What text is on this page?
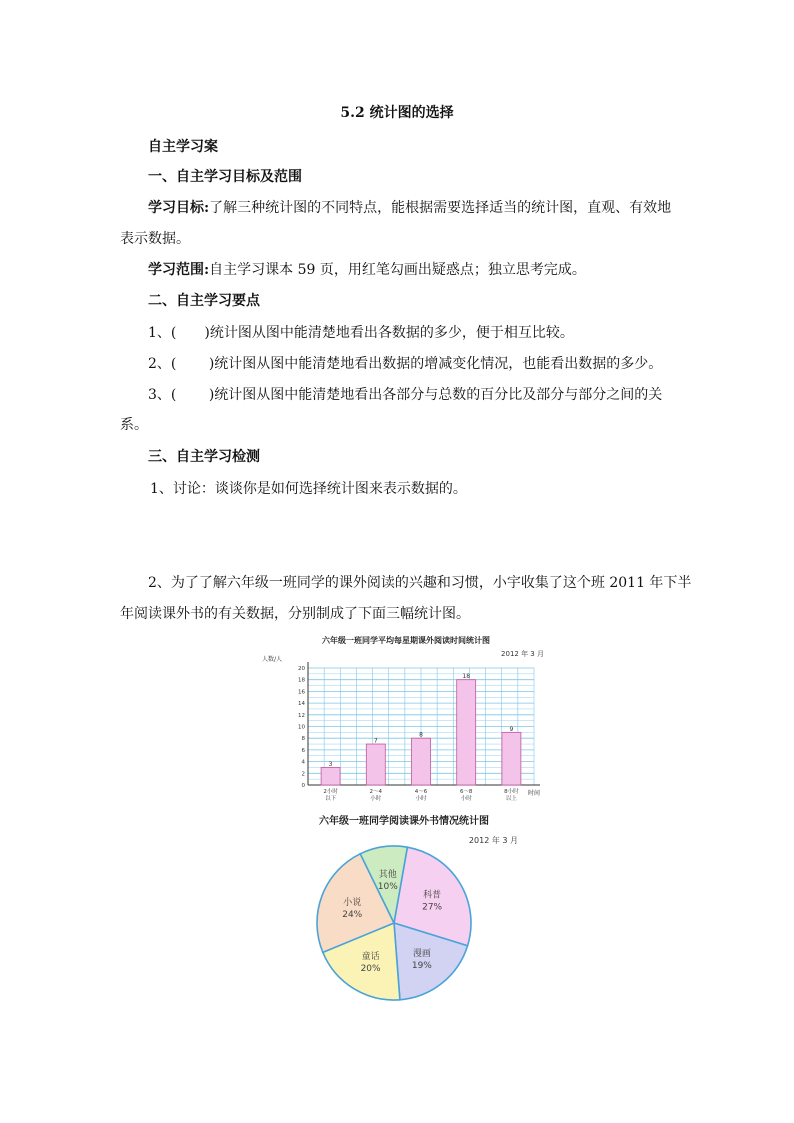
5.2 统计图的选择
自主学习案
一、自主学习目标及范围
学习目标:了解三种统计图的不同特点，能根据需要选择适当的统计图，直观、有效地
表示数据。
学习范围:自主学习课本 59 页，用红笔勾画出疑惑点；独立思考完成。
二、自主学习要点
1、(　　)统计图从图中能清楚地看出各数据的多少，便于相互比较。
2、(　　 )统计图从图中能清楚地看出数据的增减变化情况，也能看出数据的多少。
3、(　　 )统计图从图中能清楚地看出各部分与总数的百分比及部分与部分之间的关
系。
三、自主学习检测
1、讨论：谈谈你是如何选择统计图来表示数据的。
2、为了了解六年级一班同学的课外阅读的兴趣和习惯，小宇收集了这个班 2011 年下半
年阅读课外书的有关数据，分别制成了下面三幅统计图。
六年级一班同学平均每星期课外阅读时间统计图
2012 年 3 月
人数/人
时间
0
2
4
6
8
10
12
14
16
18
20
3
7
8
18
9
2小时
以下
2～4
小时
4～6
小时
6～8
小时
8小时
以上
六年级一班同学阅读课外书情况统计图
2012 年 3 月
科普
27%
漫画
19%
童话
20%
小说
24%
其他
10%
